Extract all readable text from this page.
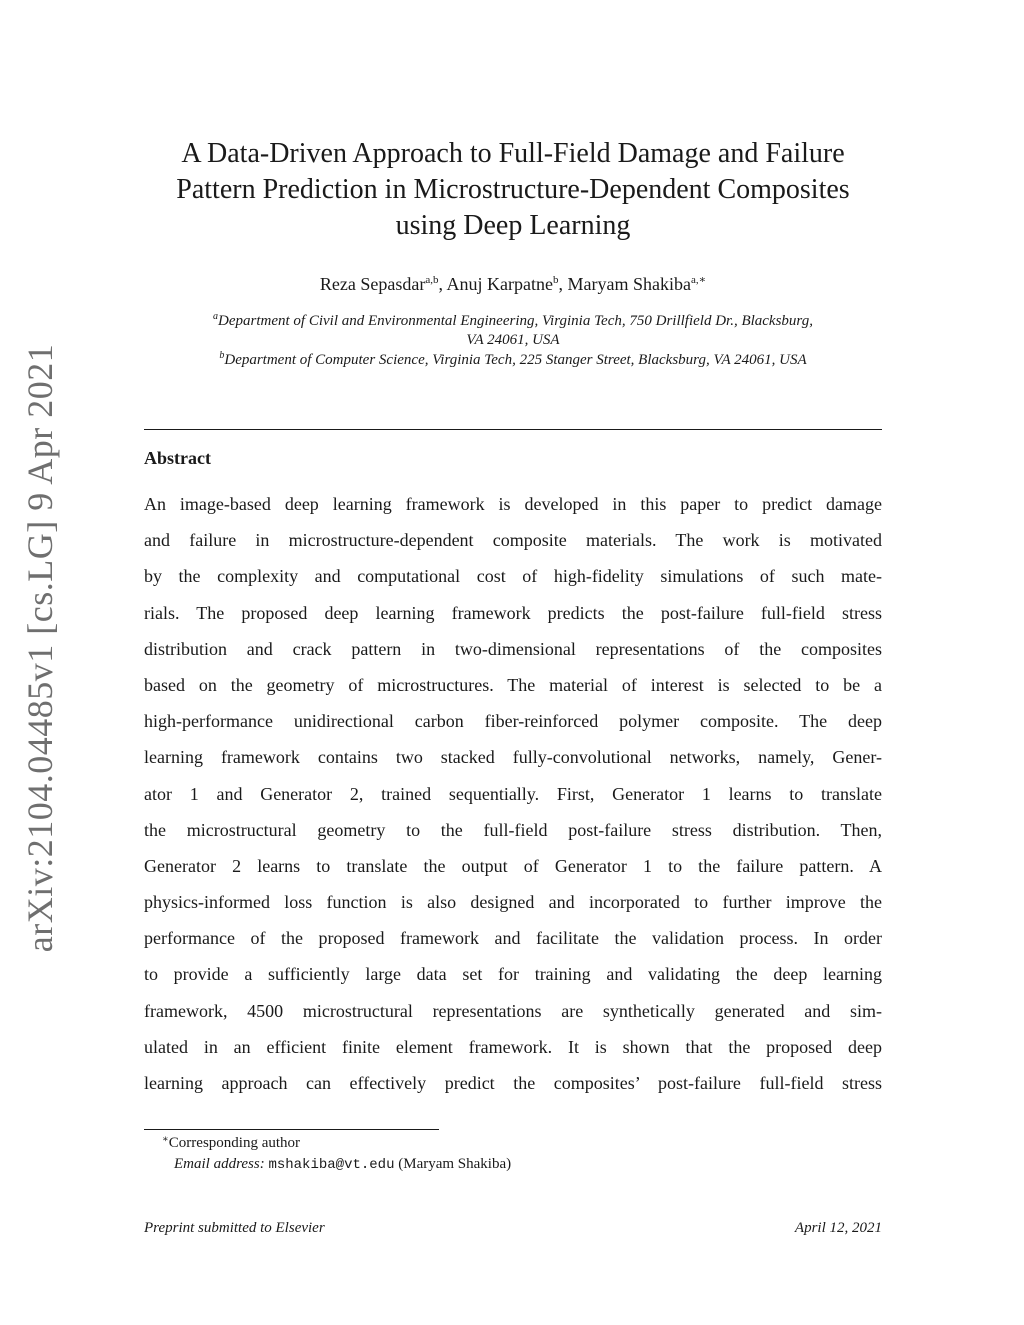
arXiv:2104.04485v1 [cs.LG] 9 Apr 2021
A Data-Driven Approach to Full-Field Damage and Failure
Pattern Prediction in Microstructure-Dependent Composites
using Deep Learning
Reza Sepasdar$^{a,b}$, Anuj Karpatne$^b$, Maryam Shakiba$^{a,∗}$
$^a$Department of Civil and Environmental Engineering, Virginia Tech, 750 Drillfield Dr., Blacksburg,
VA 24061, USA
$^b$Department of Computer Science, Virginia Tech, 225 Stanger Street, Blacksburg, VA 24061, USA
Abstract
An image-based deep learning framework is developed in this paper to predict damage
and failure in microstructure-dependent composite materials. The work is motivated
by the complexity and computational cost of high-fidelity simulations of such mate-
rials. The proposed deep learning framework predicts the post-failure full-field stress
distribution and crack pattern in two-dimensional representations of the composites
based on the geometry of microstructures. The material of interest is selected to be a
high-performance unidirectional carbon fiber-reinforced polymer composite. The deep
learning framework contains two stacked fully-convolutional networks, namely, Gener-
ator 1 and Generator 2, trained sequentially. First, Generator 1 learns to translate
the microstructural geometry to the full-field post-failure stress distribution. Then,
Generator 2 learns to translate the output of Generator 1 to the failure pattern. A
physics-informed loss function is also designed and incorporated to further improve the
performance of the proposed framework and facilitate the validation process. In order
to provide a sufficiently large data set for training and validating the deep learning
framework, 4500 microstructural representations are synthetically generated and sim-
ulated in an efficient finite element framework. It is shown that the proposed deep
learning approach can effectively predict the composites’ post-failure full-field stress
∗Corresponding author
Email address: mshakiba@vt.edu (Maryam Shakiba)
Preprint submitted to Elsevier	April 12, 2021
